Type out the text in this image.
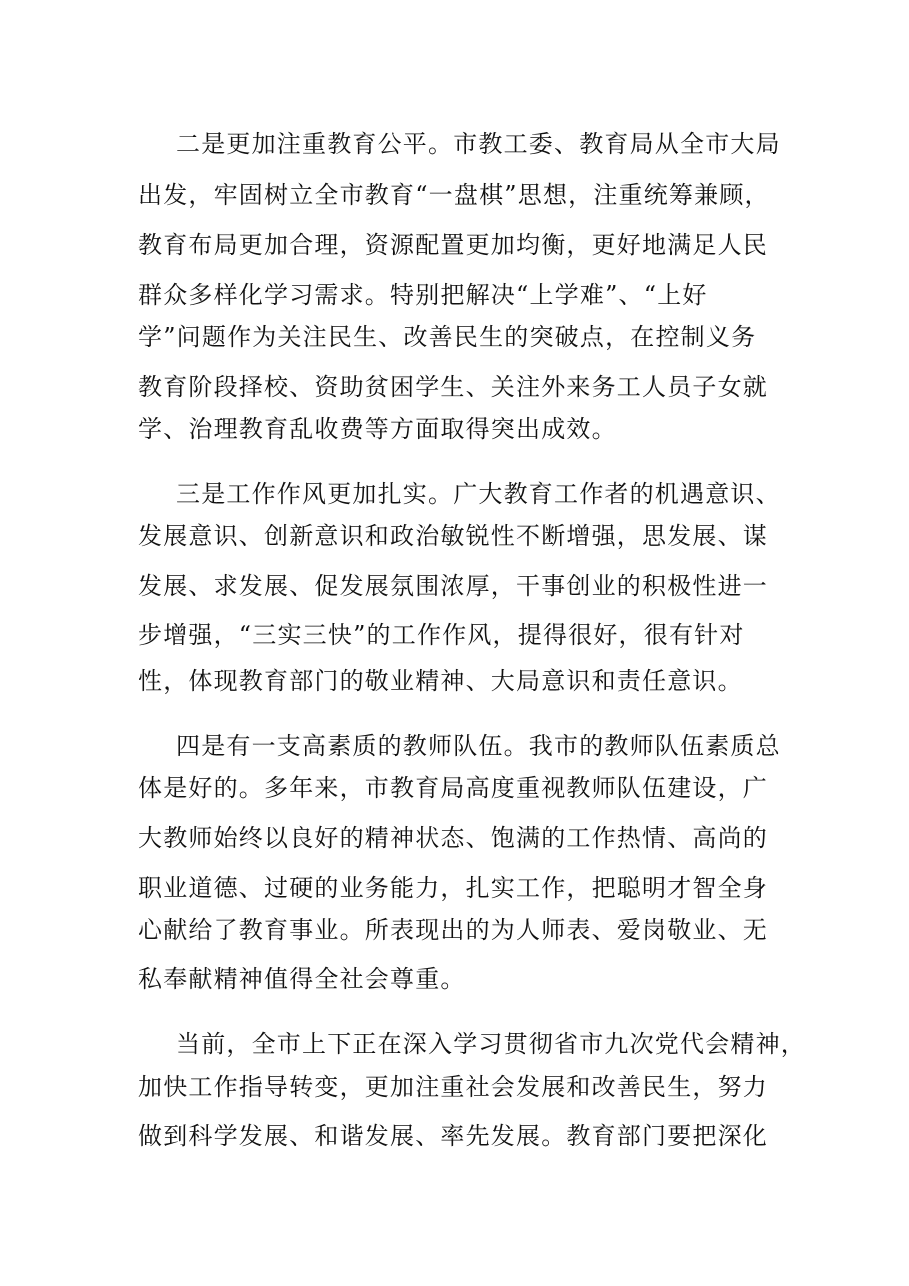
二是更加注重教育公平。市教工委、教育局从全市大局
出发，牢固树立全市教育“一盘棋”思想，注重统筹兼顾，
教育布局更加合理，资源配置更加均衡，更好地满足人民
群众多样化学习需求。特别把解决“上学难”、“上好
学”问题作为关注民生、改善民生的突破点，在控制义务
教育阶段择校、资助贫困学生、关注外来务工人员子女就
学、治理教育乱收费等方面取得突出成效。
三是工作作风更加扎实。广大教育工作者的机遇意识、
发展意识、创新意识和政治敏锐性不断增强，思发展、谋
发展、求发展、促发展氛围浓厚，干事创业的积极性进一
步增强，“三实三快”的工作作风，提得很好，很有针对
性，体现教育部门的敬业精神、大局意识和责任意识。
四是有一支高素质的教师队伍。我市的教师队伍素质总
体是好的。多年来，市教育局高度重视教师队伍建设，广
大教师始终以良好的精神状态、饱满的工作热情、高尚的
职业道德、过硬的业务能力，扎实工作，把聪明才智全身
心献给了教育事业。所表现出的为人师表、爱岗敬业、无
私奉献精神值得全社会尊重。
当前，全市上下正在深入学习贯彻省市九次党代会精神，
加快工作指导转变，更加注重社会发展和改善民生，努力
做到科学发展、和谐发展、率先发展。教育部门要把深化
